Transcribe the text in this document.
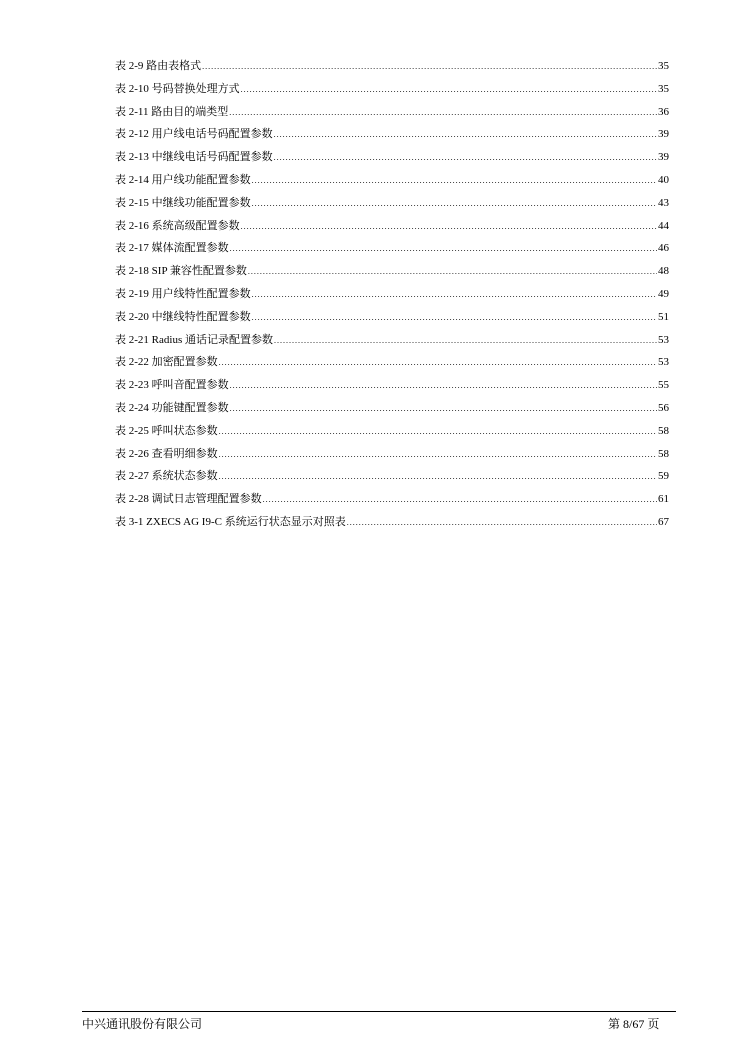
表 2-9 路由表格式 .....	35
表 2-10 号码替换处理方式 .....	35
表 2-11 路由目的端类型 .....	36
表 2-12 用户线电话号码配置参数 .....	39
表 2-13 中继线电话号码配置参数 .....	39
表 2-14 用户线功能配置参数 .....	40
表 2-15 中继线功能配置参数 .....	43
表 2-16 系统高级配置参数 .....	44
表 2-17 媒体流配置参数 .....	46
表 2-18 SIP 兼容性配置参数 .....	48
表 2-19 用户线特性配置参数 .....	49
表 2-20 中继线特性配置参数 .....	51
表 2-21 Radius 通话记录配置参数 .....	53
表 2-22 加密配置参数 .....	53
表 2-23 呼叫音配置参数 .....	55
表 2-24 功能键配置参数 .....	56
表 2-25 呼叫状态参数 .....	58
表 2-26 查看明细参数 .....	58
表 2-27 系统状态参数 .....	59
表 2-28 调试日志管理配置参数 .....	61
表 3-1 ZXECS AG I9-C 系统运行状态显示对照表 .....	67
中兴通讯股份有限公司	第 8/67 页
